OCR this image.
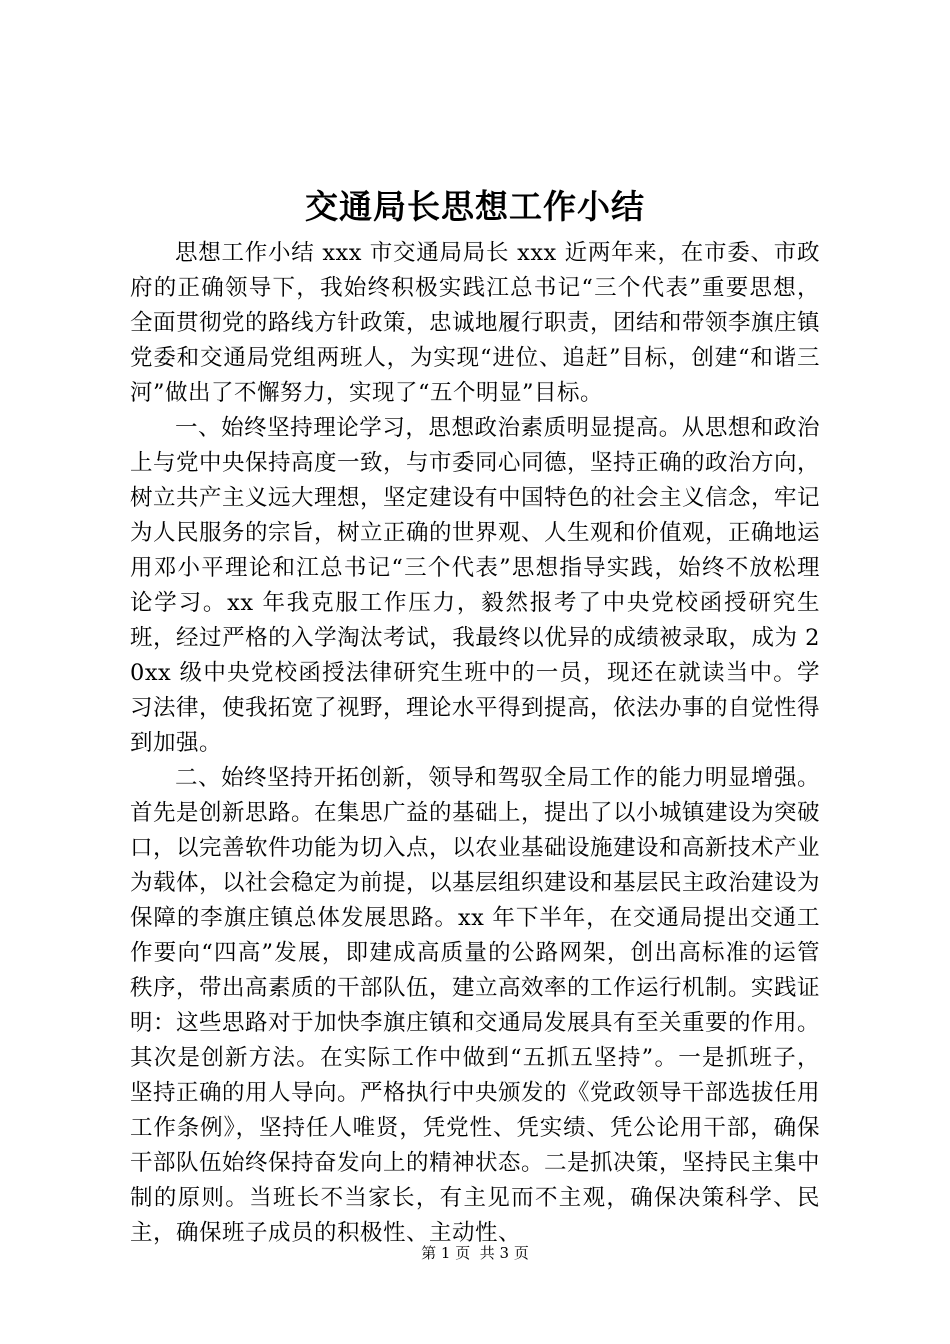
交通局长思想工作小结

思想工作小结 xxx 市交通局局长 xxx 近两年来，在市委、市政府的正确领导下，我始终积极实践江总书记“三个代表”重要思想，全面贯彻党的路线方针政策，忠诚地履行职责，团结和带领李旗庄镇党委和交通局党组两班人，为实现“进位、追赶”目标，创建“和谐三河”做出了不懈努力，实现了“五个明显”目标。

一、始终坚持理论学习，思想政治素质明显提高。从思想和政治上与党中央保持高度一致，与市委同心同德，坚持正确的政治方向，树立共产主义远大理想，坚定建设有中国特色的社会主义信念，牢记为人民服务的宗旨，树立正确的世界观、人生观和价值观，正确地运用邓小平理论和江总书记“三个代表”思想指导实践，始终不放松理论学习。xx 年我克服工作压力，毅然报考了中央党校函授研究生班，经过严格的入学淘汰考试，我最终以优异的成绩被录取，成为 20xx 级中央党校函授法律研究生班中的一员，现还在就读当中。学习法律，使我拓宽了视野，理论水平得到提高，依法办事的自觉性得到加强。

二、始终坚持开拓创新，领导和驾驭全局工作的能力明显增强。首先是创新思路。在集思广益的基础上，提出了以小城镇建设为突破口，以完善软件功能为切入点，以农业基础设施建设和高新技术产业为载体，以社会稳定为前提，以基层组织建设和基层民主政治建设为保障的李旗庄镇总体发展思路。xx 年下半年，在交通局提出交通工作要向“四高”发展，即建成高质量的公路网架，创出高标准的运管秩序，带出高素质的干部队伍，建立高效率的工作运行机制。实践证明：这些思路对于加快李旗庄镇和交通局发展具有至关重要的作用。其次是创新方法。在实际工作中做到“五抓五坚持”。一是抓班子，坚持正确的用人导向。严格执行中央颁发的《党政领导干部选拔任用工作条例》，坚持任人唯贤，凭党性、凭实绩、凭公论用干部，确保干部队伍始终保持奋发向上的精神状态。二是抓决策，坚持民主集中制的原则。当班长不当家长，有主见而不主观，确保决策科学、民主，确保班子成员的积极性、主动性、

第 1 页 共 3 页
